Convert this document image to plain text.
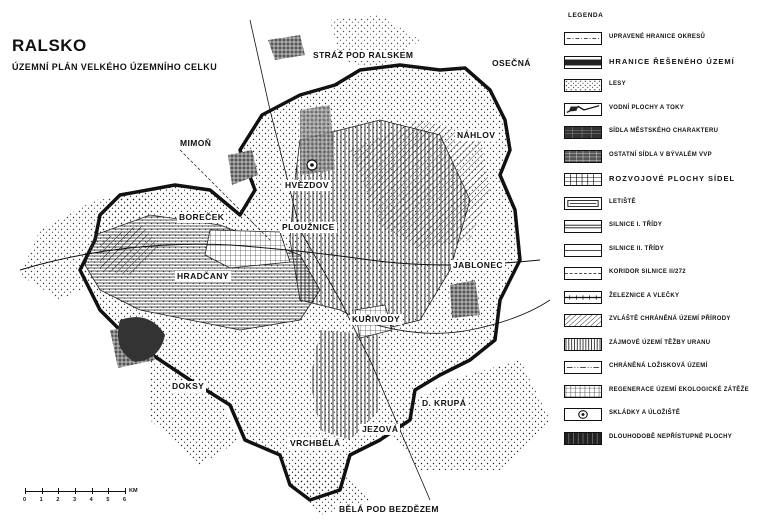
RALSKO
ÚZEMNÍ PLÁN VELKÉHO ÚZEMNÍHO CELKU
STRÁŽ POD RALSKEM
OSEČNÁ
MIMOŇ
NÁHLOV
HVĚZDOV
BOREČEK
PLOUŽNICE
HRADČANY
JABLONEC
KUŘIVODY
DOKSY
D. KRUPÁ
JEZOVÁ
VRCHBĚLÁ
BĚLÁ POD BEZDĚZEM
LEGENDA
UPRAVENÉ HRANICE OKRESŮ
HRANICE ŘEŠENÉHO ÚZEMÍ
LESY
VODNÍ PLOCHY A TOKY
SÍDLA MĚSTSKÉHO CHARAKTERU
OSTATNÍ SÍDLA V BÝVALÉM VVP
ROZVOJOVÉ PLOCHY SÍDEL
LETIŠTĚ
SILNICE I. TŘÍDY
SILNICE II. TŘÍDY
KORIDOR SILNICE II/272
ŽELEZNICE A VLEČKY
ZVLÁŠTĚ CHRÁNĚNÁ ÚZEMÍ PŘÍRODY
ZÁJMOVÉ ÚZEMÍ TĚŽBY URANU
CHRÁNĚNÁ LOŽISKOVÁ ÚZEMÍ
REGENERACE ÚZEMÍ EKOLOGICKÉ ZÁTĚŽE
SKLÁDKY A ÚLOŽIŠTĚ
DLOUHODOBĚ NEPŘÍSTUPNÉ PLOCHY
0 1 2 3 4 5 6
KM
